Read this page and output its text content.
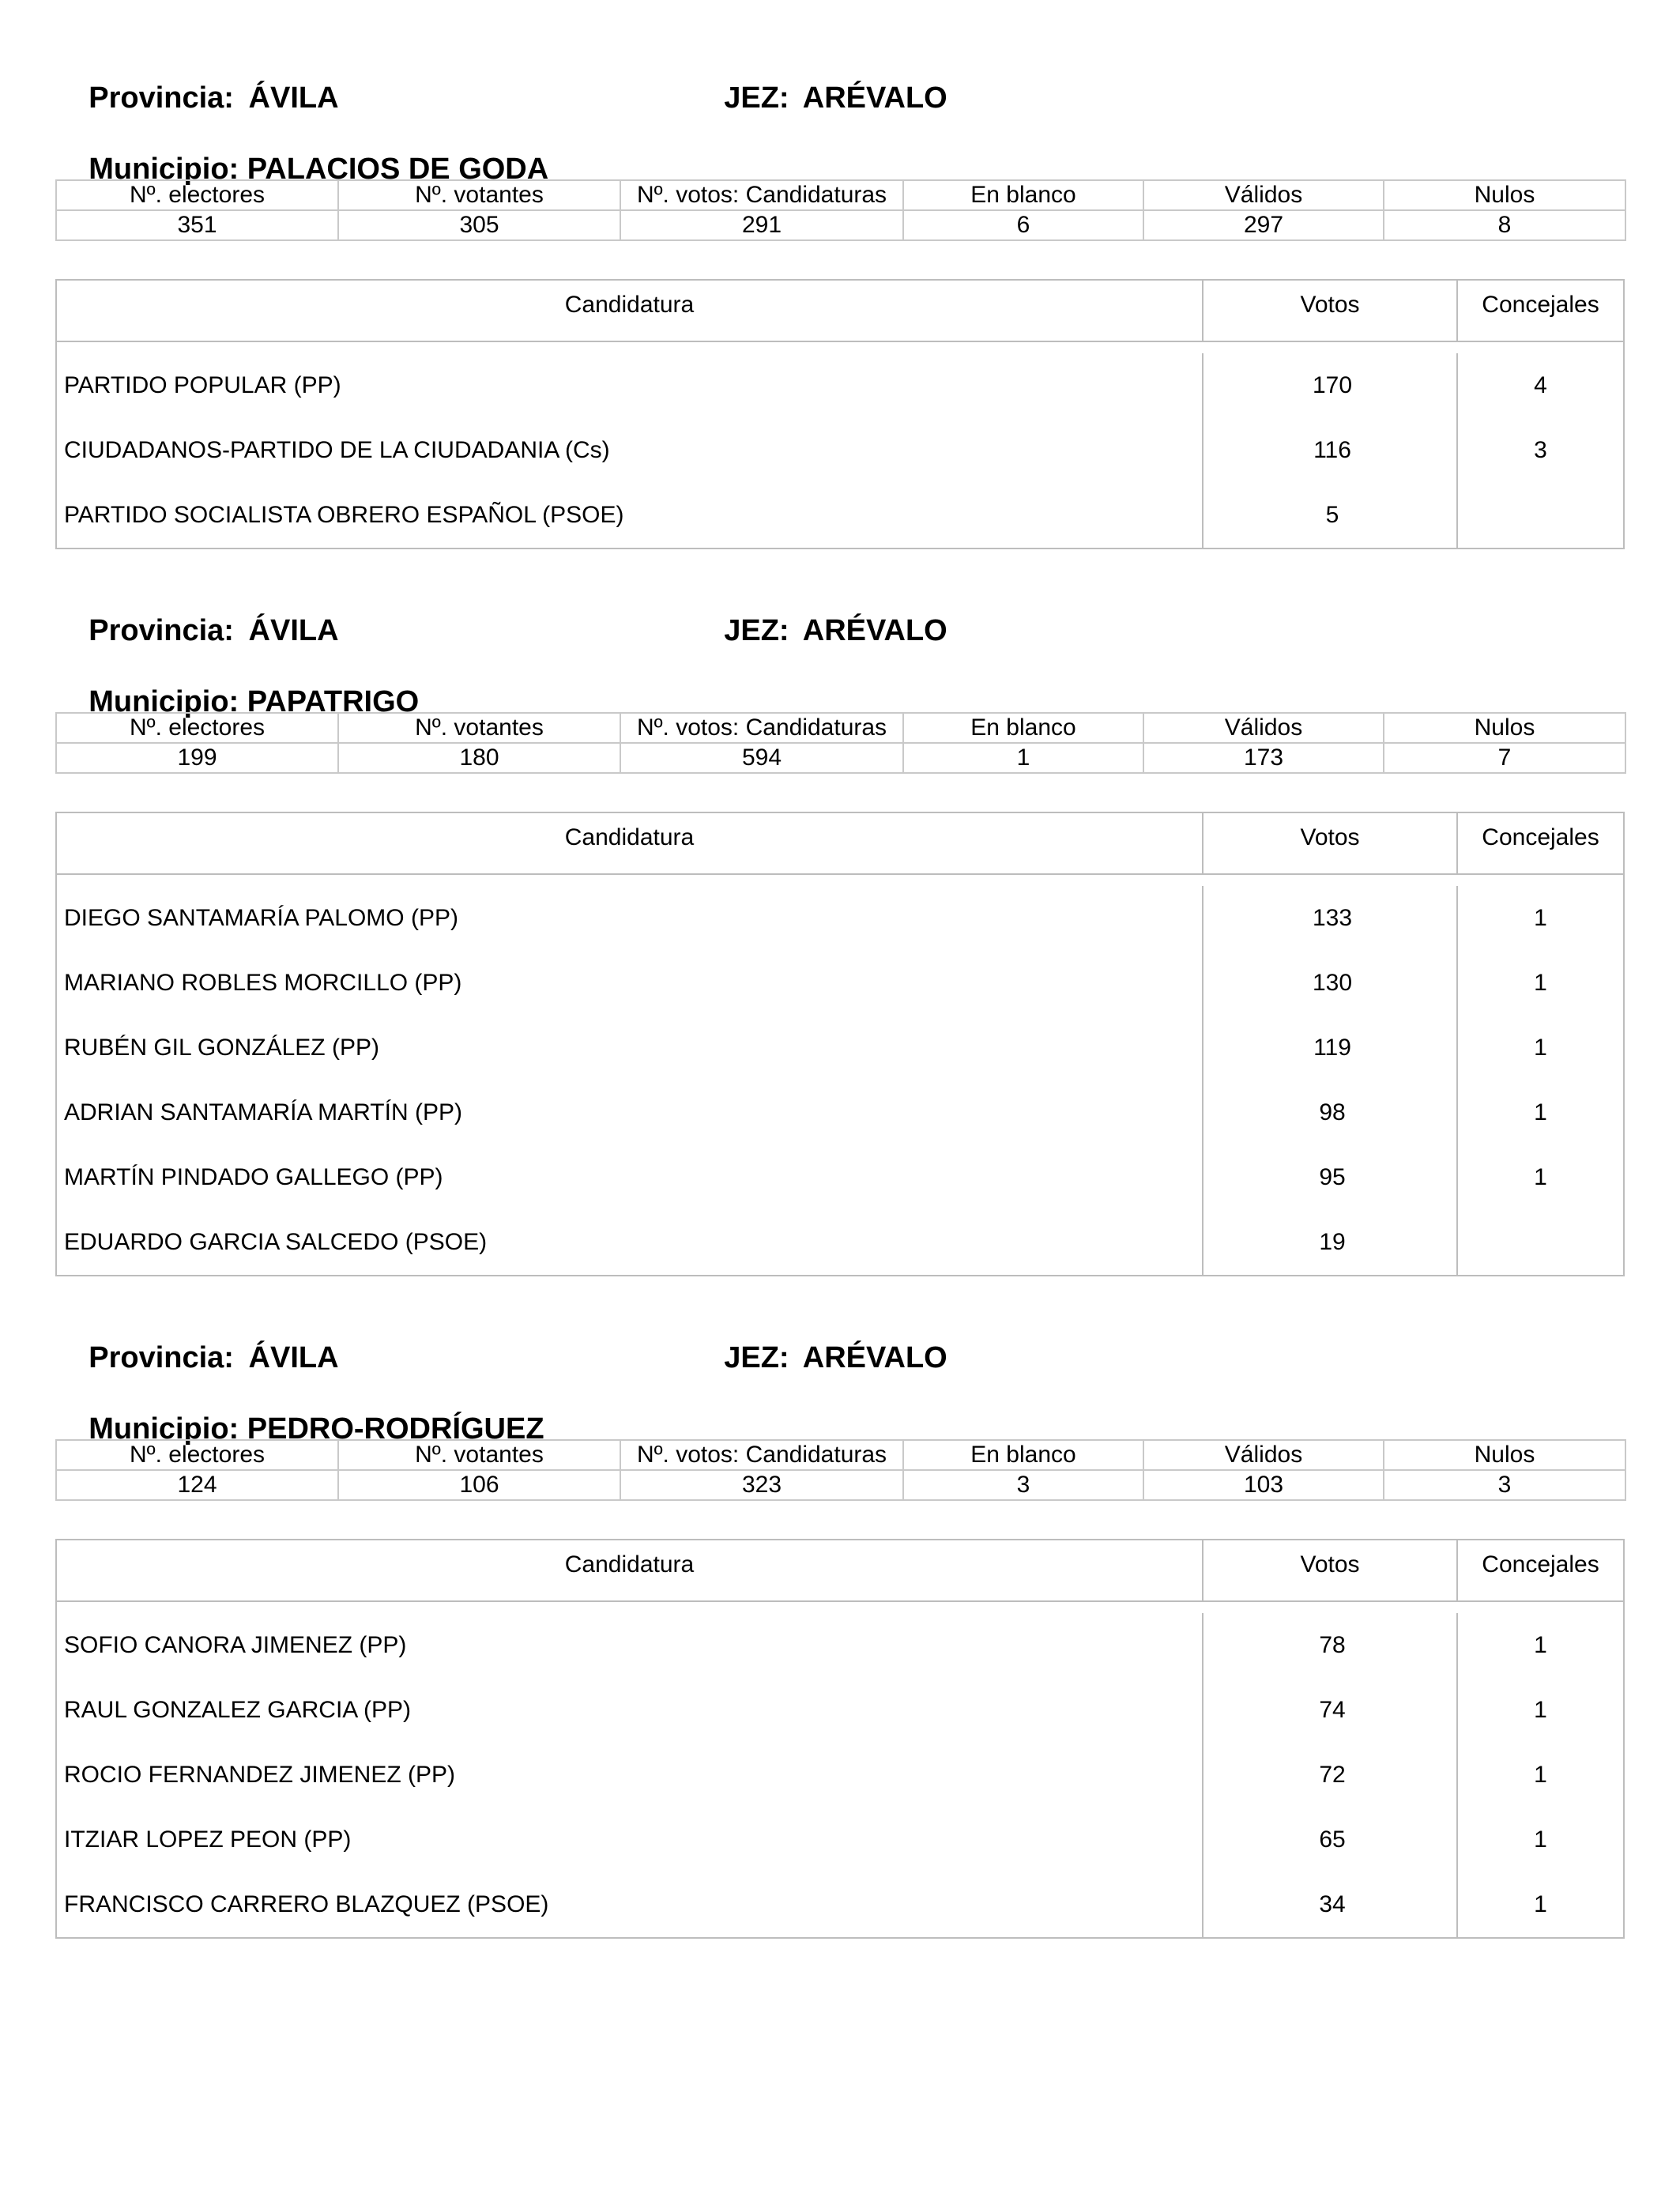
Provincia: ÁVILA
	JEZ: ARÉVALO

Municipio: PALACIOS DE GODA

Nº. electores	Nº. votantes	Nº. votos: Candidaturas	En blanco	Válidos	Nulos
351	305	291	6	297	8
Candidatura	Votos	Concejales
PARTIDO POPULAR (PP)	170	4
CIUDADANOS-PARTIDO DE LA CIUDADANIA (Cs)	116	3
PARTIDO SOCIALISTA OBRERO ESPAÑOL (PSOE)	5

Provincia: ÁVILA
	JEZ: ARÉVALO

Municipio: PAPATRIGO

Nº. electores	Nº. votantes	Nº. votos: Candidaturas	En blanco	Válidos	Nulos
199	180	594	1	173	7
Candidatura	Votos	Concejales
DIEGO SANTAMARÍA PALOMO (PP)	133	1
MARIANO ROBLES MORCILLO (PP)	130	1
RUBÉN GIL GONZÁLEZ (PP)	119	1
ADRIAN SANTAMARÍA MARTÍN (PP)	98	1
MARTÍN PINDADO GALLEGO (PP)	95	1
EDUARDO GARCIA SALCEDO (PSOE)	19

Provincia: ÁVILA
	JEZ: ARÉVALO

Municipio: PEDRO-RODRÍGUEZ

Nº. electores	Nº. votantes	Nº. votos: Candidaturas	En blanco	Válidos	Nulos
124	106	323	3	103	3
Candidatura	Votos	Concejales
SOFIO CANORA JIMENEZ (PP)	78	1
RAUL GONZALEZ GARCIA (PP)	74	1
ROCIO FERNANDEZ JIMENEZ (PP)	72	1
ITZIAR LOPEZ PEON (PP)	65	1
FRANCISCO CARRERO BLAZQUEZ (PSOE)	34	1
